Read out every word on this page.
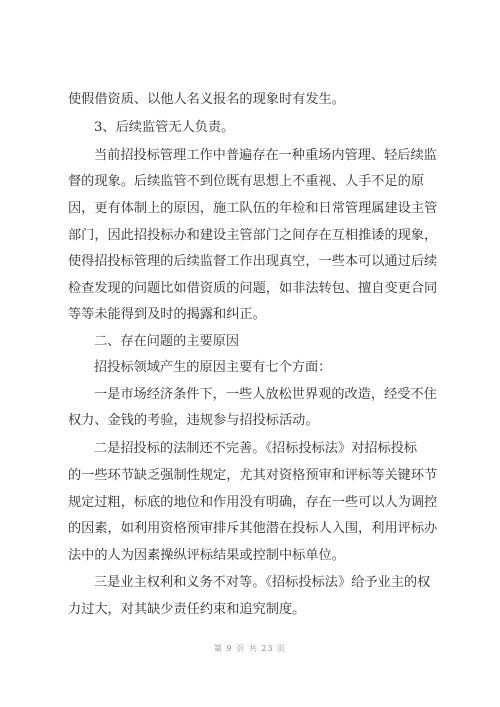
使假借资质、以他人名义报名的现象时有发生。
3、后续监管无人负责。
当前招投标管理工作中普遍存在一种重场内管理、轻后续监
督的现象。后续监管不到位既有思想上不重视、人手不足的原
因，更有体制上的原因，施工队伍的年检和日常管理属建设主管
部门，因此招投标办和建设主管部门之间存在互相推诿的现象，
使得招投标管理的后续监督工作出现真空，一些本可以通过后续
检查发现的问题比如借资质的问题，如非法转包、擅自变更合同
等等未能得到及时的揭露和纠正。
二、存在问题的主要原因
招投标领域产生的原因主要有七个方面：
一是市场经济条件下，一些人放松世界观的改造，经受不住
权力、金钱的考验，违规参与招投标活动。
二是招投标的法制还不完善。《招标投标法》对招标投标
的一些环节缺乏强制性规定，尤其对资格预审和评标等关键环节
规定过粗，标底的地位和作用没有明确，存在一些可以人为调控
的因素，如利用资格预审排斥其他潜在投标人入围，利用评标办
法中的人为因素操纵评标结果或控制中标单位。
三是业主权利和义务不对等。《招标投标法》给予业主的权
力过大，对其缺少责任约束和追究制度。
第 9 页 共 23 页
